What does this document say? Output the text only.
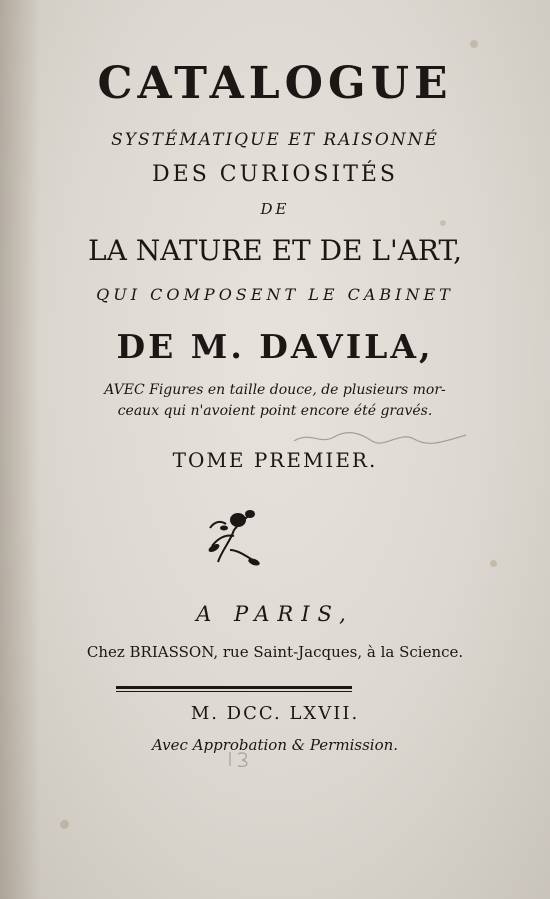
CATALOGUE
SYSTÉMATIQUE ET RAISONNÉ
DES CURIOSITÉS
DE
LA NATURE ET DE L'ART,
QUI COMPOSENT LE CABINET
DE M. DAVILA,
AVEC Figures en taille douce, de plusieurs mor-
ceaux qui n'avoient point encore été gravés.
TOME PREMIER.
A PARIS,
Chez BRIASSON, rue Saint-Jacques, à la Science.
M. DCC. LXVII.
Avec Approbation & Permission.
